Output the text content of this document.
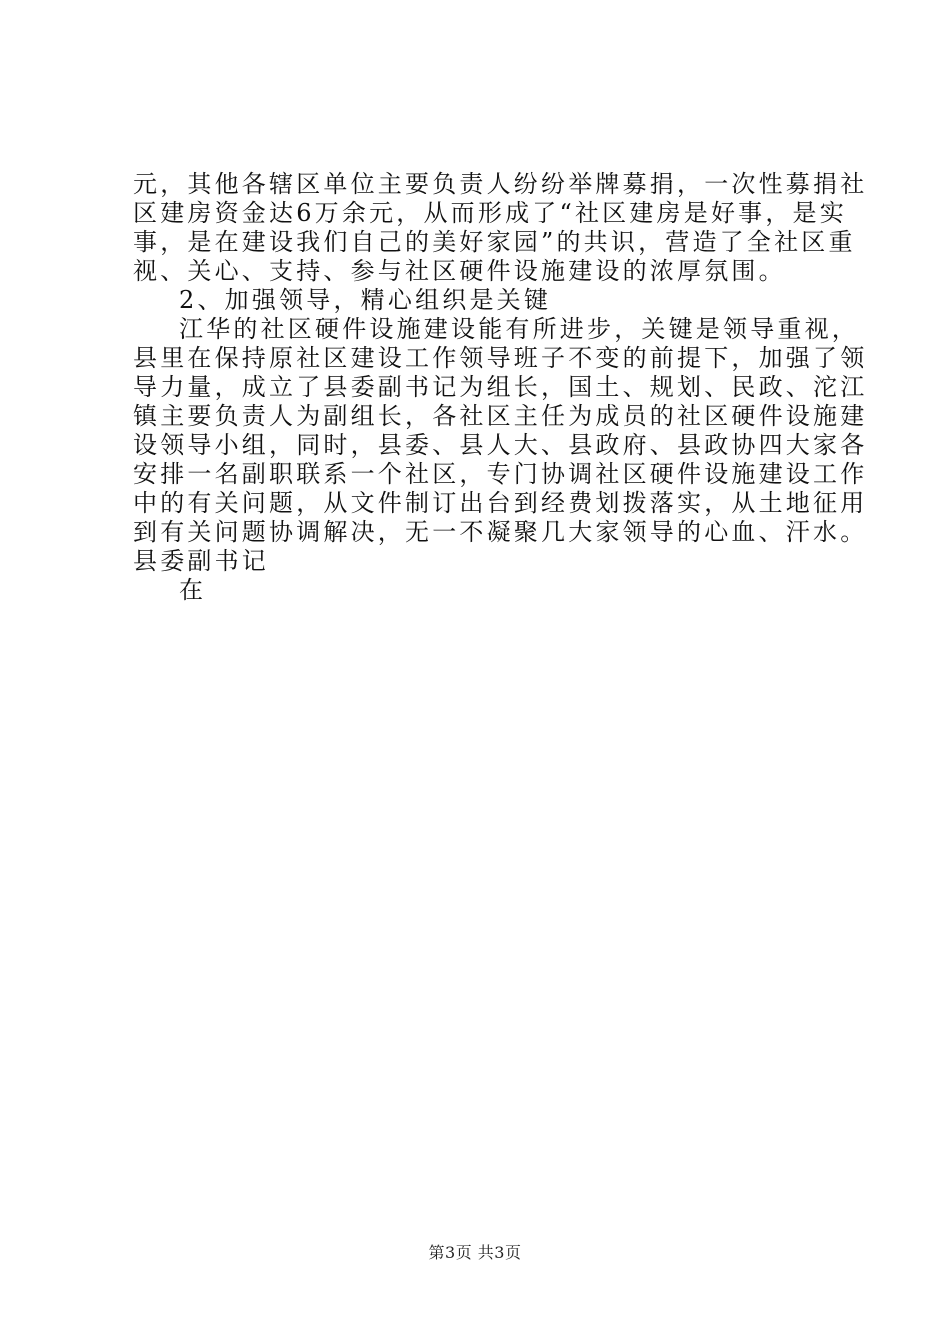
元，其他各辖区单位主要负责人纷纷举牌募捐，一次性募捐社
区建房资金达6万余元，从而形成了“社区建房是好事，是实
事，是在建设我们自己的美好家园”的共识，营造了全社区重
视、关心、支持、参与社区硬件设施建设的浓厚氛围。
2、加强领导，精心组织是关键
江华的社区硬件设施建设能有所进步，关键是领导重视，
县里在保持原社区建设工作领导班子不变的前提下，加强了领
导力量，成立了县委副书记为组长，国土、规划、民政、沱江
镇主要负责人为副组长，各社区主任为成员的社区硬件设施建
设领导小组，同时，县委、县人大、县政府、县政协四大家各
安排一名副职联系一个社区，专门协调社区硬件设施建设工作
中的有关问题，从文件制订出台到经费划拨落实，从土地征用
到有关问题协调解决，无一不凝聚几大家领导的心血、汗水。
县委副书记
在
第3页 共3页
